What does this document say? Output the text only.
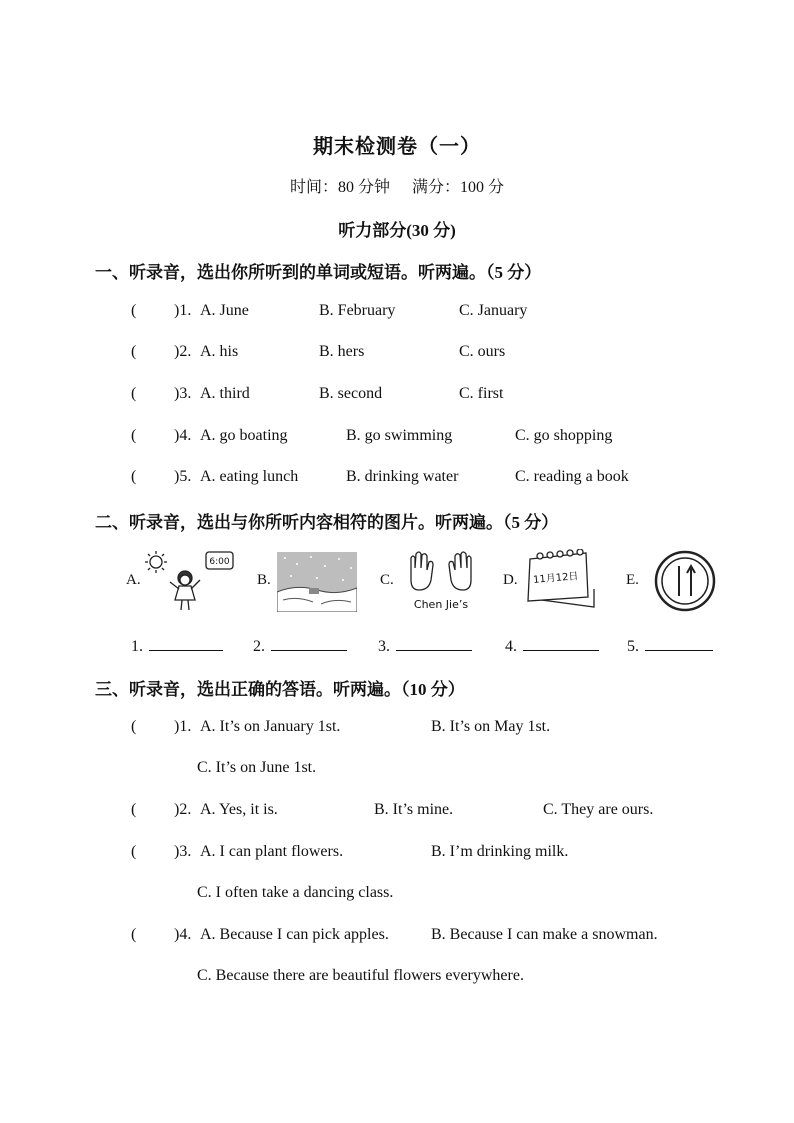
期末检测卷（一）
时间：80 分钟 满分：100 分
听力部分(30 分)
一、听录音，选出你所听到的单词或短语。听两遍。（5 分）
( )1. A. June	B. February	C. January
( )2. A. his	B. hers	C. ours
( )3. A. third	B. second	C. first
( )4. A. go boating	B. go swimming	C. go shopping
( )5. A. eating lunch	B. drinking water	C. reading a book
二、听录音，选出与你所听内容相符的图片。听两遍。（5 分）
A.
6:00
B.	C.
Chen Jie’s
D. 11月12日	E.
1.	2.	3.	4.	5.
三、听录音，选出正确的答语。听两遍。（10 分）
( )1. A. It’s on January 1st.	B. It’s on May 1st.
C. It’s on June 1st.
( )2. A. Yes, it is.	B. It’s mine.	C. They are ours.
( )3. A. I can plant flowers.	B. I’m drinking milk.
C. I often take a dancing class.
( )4. A. Because I can pick apples.	B. Because I can make a snowman.
C. Because there are beautiful flowers everywhere.
